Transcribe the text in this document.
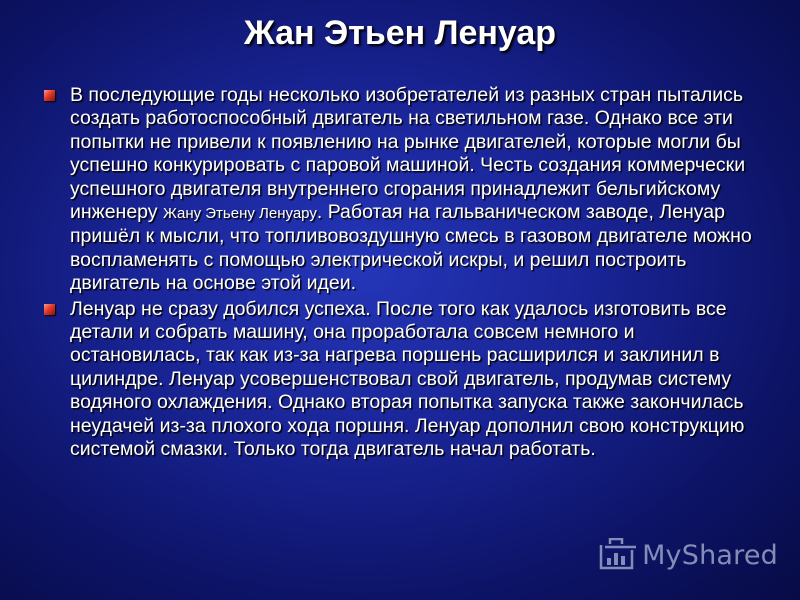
Жан Этьен Ленуар
В последующие годы несколько изобретателей из разных стран пытались создать работоспособный двигатель на светильном газе. Однако все эти попытки не привели к появлению на рынке двигателей, которые могли бы успешно конкурировать с паровой машиной. Честь создания коммерчески успешного двигателя внутреннего сгорания принадлежит бельгийскому инженеру Жану Этьену Ленуару. Работая на гальваническом заводе, Ленуар пришёл к мысли, что топливовоздушную смесь в газовом двигателе можно воспламенять с помощью электрической искры, и решил построить двигатель на основе этой идеи.
Ленуар не сразу добился успеха. После того как удалось изготовить все детали и собрать машину, она проработала совсем немного и остановилась, так как из-за нагрева поршень расширился и заклинил в цилиндре. Ленуар усовершенствовал свой двигатель, продумав систему водяного охлаждения. Однако вторая попытка запуска также закончилась неудачей из-за плохого хода поршня. Ленуар дополнил свою конструкцию системой смазки. Только тогда двигатель начал работать.
MyShared
